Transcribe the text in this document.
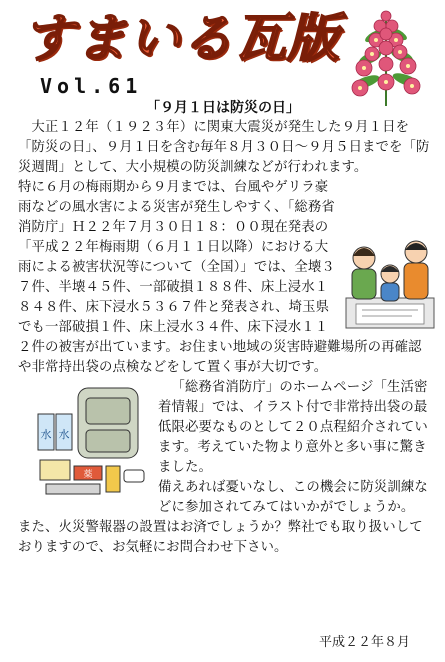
すまいる瓦版
Vol.61
「９月１日は防災の日」

大正１２年（１９２３年）に関東大震災が発生した９月１日を「防災の日」、９月１日を含む毎年８月３０日〜９月５日までを「防災週間」として、大小規模の防災訓練などが行われます。

特に６月の梅雨期から９月までは、台風やゲリラ豪雨などの風水害による災害が発生しやすく、「総務省消防庁」Ｈ２２年７月３０日１８：００現在発表の「平成２２年梅雨期（６月１１日以降）における大雨による被害状況等について（全国）」では、全壊３７件、半壊４５件、一部破損１８８件、床上浸水１８４８件、床下浸水５３６７件と発表され、埼玉県でも一部破損１件、床上浸水３４件、床下浸水１１２件の被害が出ています。お住まい地域の災害時避難場所の再確認や非常持出袋の点検などをして置く事が大切です。

水 水
薬

「総務省消防庁」のホームページ「生活密着情報」では、イラスト付で非常持出袋の最低限必要なものとして２０点程紹介されています。考えていた物より意外と多い事に驚きました。

備えあれば憂いなし、この機会に防災訓練などに参加されてみてはいかがでしょうか。

また、火災警報器の設置はお済でしょうか？弊社でも取り扱いしておりますので、お気軽にお問合わせ下さい。

平成２２年８月
